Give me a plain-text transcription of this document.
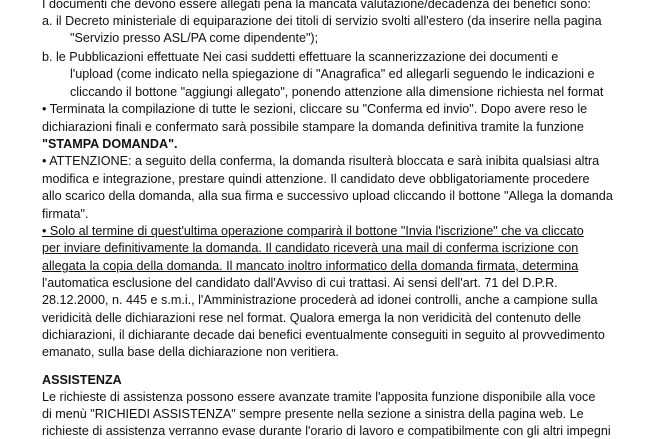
I documenti che devono essere allegati pena la mancata valutazione/decadenza dei benefici sono:
a. il Decreto ministeriale di equiparazione dei titoli di servizio svolti all'estero (da inserire nella pagina
"Servizio presso ASL/PA come dipendente");
b. le Pubblicazioni effettuate Nei casi suddetti effettuare la scannerizzazione dei documenti e
l'upload (come indicato nella spiegazione di "Anagrafica" ed allegarli seguendo le indicazioni e
cliccando il bottone "aggiungi allegato", ponendo attenzione alla dimensione richiesta nel format
• Terminata la compilazione di tutte le sezioni, cliccare su "Conferma ed invio". Dopo avere reso le
dichiarazioni finali e confermato sarà possibile stampare la domanda definitiva tramite la funzione
"STAMPA DOMANDA".
• ATTENZIONE: a seguito della conferma, la domanda risulterà bloccata e sarà inibita qualsiasi altra
modifica e integrazione, prestare quindi attenzione. Il candidato deve obbligatoriamente procedere
allo scarico della domanda, alla sua firma e successivo upload cliccando il bottone "Allega la domanda
firmata".
• Solo al termine di quest'ultima operazione comparirà il bottone "Invia l'iscrizione" che va cliccato
per inviare definitivamente la domanda. Il candidato riceverà una mail di conferma iscrizione con
allegata la copia della domanda. Il mancato inoltro informatico della domanda firmata, determina
l'automatica esclusione del candidato dall'Avviso di cui trattasi. Ai sensi dell'art. 71 del D.P.R.
28.12.2000, n. 445 e s.m.i., l'Amministrazione procederà ad idonei controlli, anche a campione sulla
veridicità delle dichiarazioni rese nel format. Qualora emerga la non veridicità del contenuto delle
dichiarazioni, il dichiarante decade dai benefici eventualmente conseguiti in seguito al provvedimento
emanato, sulla base della dichiarazione non veritiera.
ASSISTENZA
Le richieste di assistenza possono essere avanzate tramite l'apposita funzione disponibile alla voce
di menù "RICHIEDI ASSISTENZA" sempre presente nella sezione a sinistra della pagina web. Le
richieste di assistenza verranno evase durante l'orario di lavoro e compatibilmente con gli altri impegni
